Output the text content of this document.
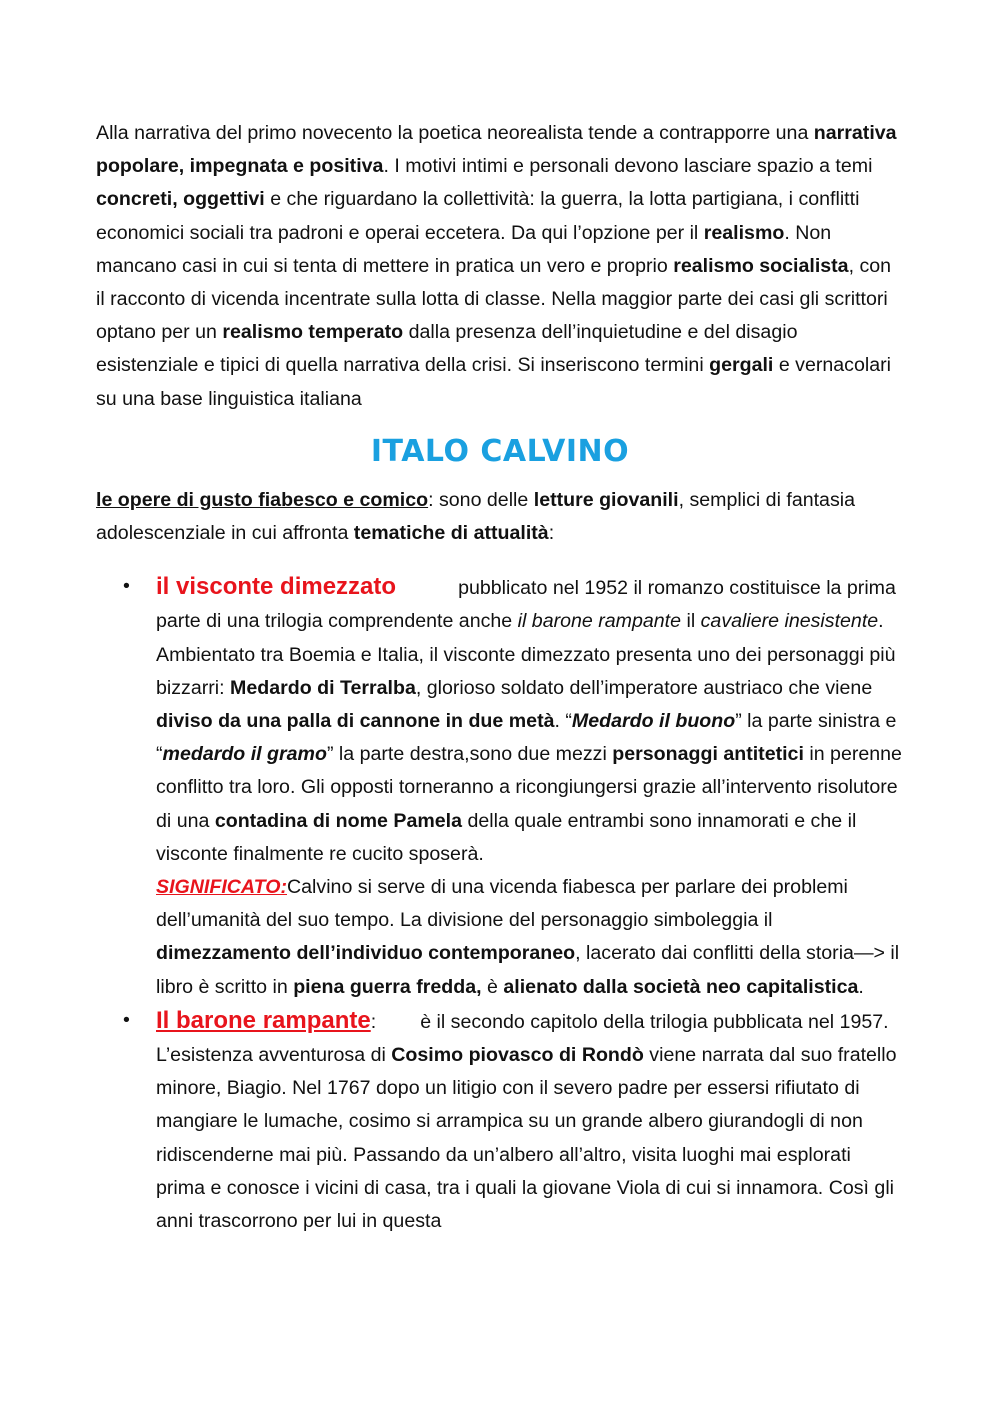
Alla narrativa del primo novecento la poetica neorealista tende a contrapporre una narrativa popolare, impegnata e positiva. I motivi intimi e personali devono lasciare spazio a temi concreti, oggettivi e che riguardano la collettività: la guerra, la lotta partigiana, i conflitti economici sociali tra padroni e operai eccetera. Da qui l’opzione per il realismo. Non mancano casi in cui si tenta di mettere in pratica un vero e proprio realismo socialista, con il racconto di vicenda incentrate sulla lotta di classe. Nella maggior parte dei casi gli scrittori optano per un realismo temperato dalla presenza dell’inquietudine e del disagio esistenziale e tipici di quella narrativa della crisi. Si inseriscono termini gergali e vernacolari su una base linguistica italiana

ITALO CALVINO

le opere di gusto fiabesco e comico: sono delle letture giovanili, semplici di fantasia adolescenziale in cui affronta tematiche di attualità:

• il visconte dimezzato	pubblicato nel 1952 il romanzo costituisce la prima parte di una trilogia comprendente anche il barone rampante il cavaliere inesistente. Ambientato tra Boemia e Italia, il visconte dimezzato presenta uno dei personaggi più bizzarri: Medardo di Terralba, glorioso soldato dell’imperatore austriaco che viene diviso da una palla di cannone in due metà. “Medardo il buono” la parte sinistra e “medardo il gramo” la parte destra,sono due mezzi personaggi antitetici in perenne conflitto tra loro. Gli opposti torneranno a ricongiungersi grazie all’intervento risolutore di una contadina di nome Pamela della quale entrambi sono innamorati e che il visconte finalmente re cucito sposerà.
SIGNIFICATO:Calvino si serve di una vicenda fiabesca per parlare dei problemi dell’umanità del suo tempo. La divisione del personaggio simboleggia il dimezzamento dell’individuo contemporaneo, lacerato dai conflitti della storia—> il libro è scritto in piena guerra fredda, è alienato dalla società neo capitalistica.
• Il barone rampante: è il secondo capitolo della trilogia pubblicata nel 1957. L’esistenza avventurosa di Cosimo piovasco di Rondò viene narrata dal suo fratello minore, Biagio. Nel 1767 dopo un litigio con il severo padre per essersi rifiutato di mangiare le lumache, cosimo si arrampica su un grande albero giurandogli di non ridiscenderne mai più. Passando da un’albero all’altro, visita luoghi mai esplorati prima e conosce i vicini di casa, tra i quali la giovane Viola di cui si innamora. Così gli anni trascorrono per lui in questa
